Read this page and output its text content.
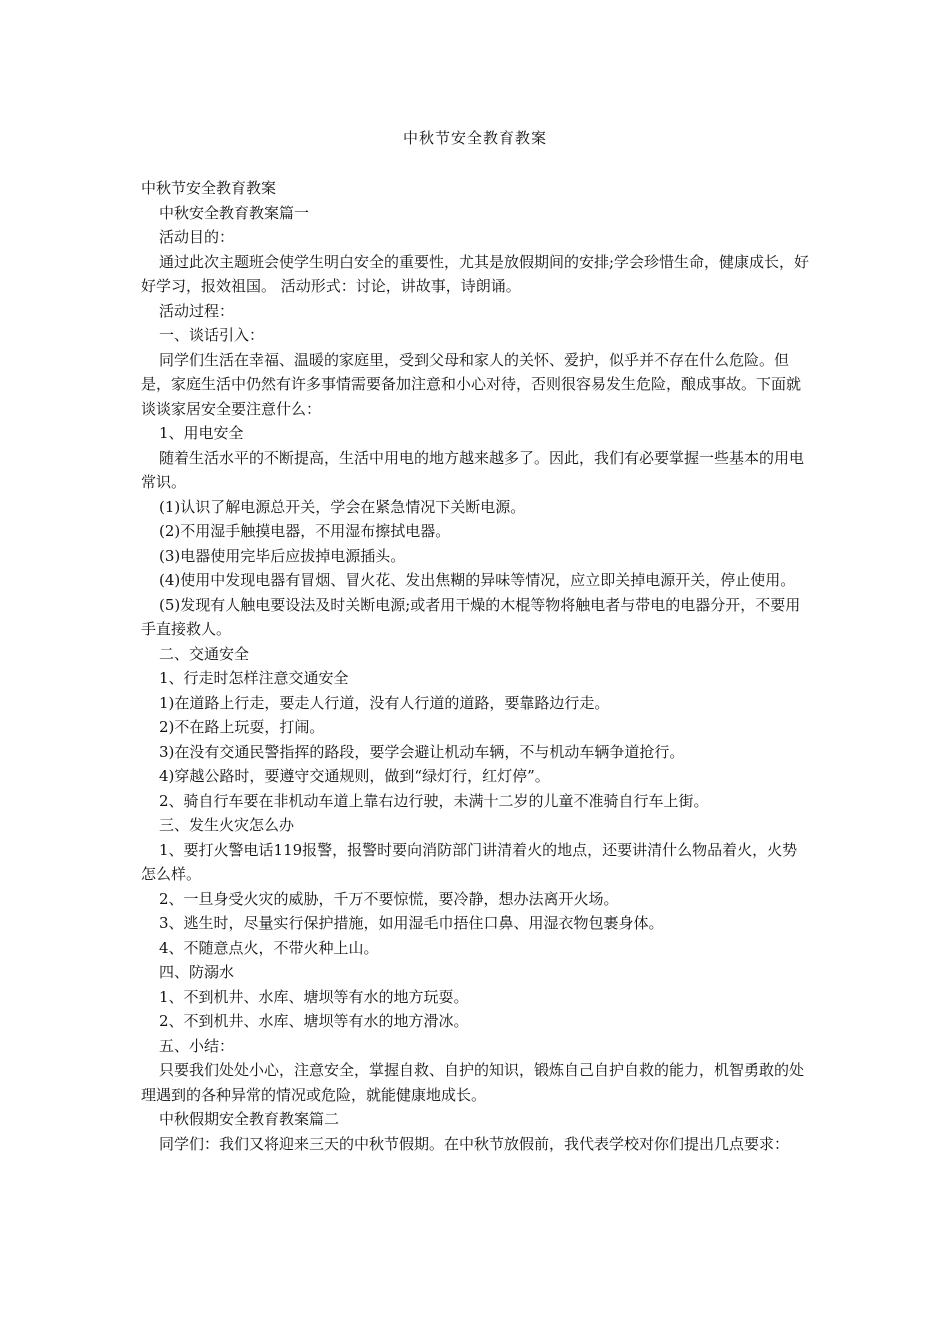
中秋节安全教育教案

中秋节安全教育教案

中秋安全教育教案篇一

活动目的：

通过此次主题班会使学生明白安全的重要性，尤其是放假期间的安排;学会珍惜生命，健康成长，好好学习，报效祖国。 活动形式：讨论，讲故事，诗朗诵。

活动过程：

一、谈话引入：

同学们生活在幸福、温暖的家庭里，受到父母和家人的关怀、爱护，似乎并不存在什么危险。但是，家庭生活中仍然有许多事情需要备加注意和小心对待，否则很容易发生危险，酿成事故。下面就谈谈家居安全要注意什么：

1、用电安全

随着生活水平的不断提高，生活中用电的地方越来越多了。因此，我们有必要掌握一些基本的用电常识。

(1)认识了解电源总开关，学会在紧急情况下关断电源。

(2)不用湿手触摸电器，不用湿布擦拭电器。

(3)电器使用完毕后应拔掉电源插头。

(4)使用中发现电器有冒烟、冒火花、发出焦糊的异味等情况，应立即关掉电源开关，停止使用。

(5)发现有人触电要设法及时关断电源;或者用干燥的木棍等物将触电者与带电的电器分开，不要用手直接救人。

二、交通安全

1、行走时怎样注意交通安全

1)在道路上行走，要走人行道，没有人行道的道路，要靠路边行走。

2)不在路上玩耍，打闹。

3)在没有交通民警指挥的路段，要学会避让机动车辆，不与机动车辆争道抢行。

4)穿越公路时，要遵守交通规则，做到“绿灯行，红灯停”。

2、骑自行车要在非机动车道上靠右边行驶，未满十二岁的儿童不准骑自行车上街。

三、发生火灾怎么办

1、要打火警电话119报警，报警时要向消防部门讲清着火的地点，还要讲清什么物品着火，火势怎么样。

2、一旦身受火灾的威胁，千万不要惊慌，要冷静，想办法离开火场。

3、逃生时，尽量实行保护措施，如用湿毛巾捂住口鼻、用湿衣物包裹身体。

4、不随意点火，不带火种上山。

四、防溺水

1、不到机井、水库、塘坝等有水的地方玩耍。

2、不到机井、水库、塘坝等有水的地方滑冰。

五、小结：

只要我们处处小心，注意安全，掌握自救、自护的知识，锻炼自己自护自救的能力，机智勇敢的处理遇到的各种异常的情况或危险，就能健康地成长。

中秋假期安全教育教案篇二

同学们：我们又将迎来三天的中秋节假期。在中秋节放假前，我代表学校对你们提出几点要求：
